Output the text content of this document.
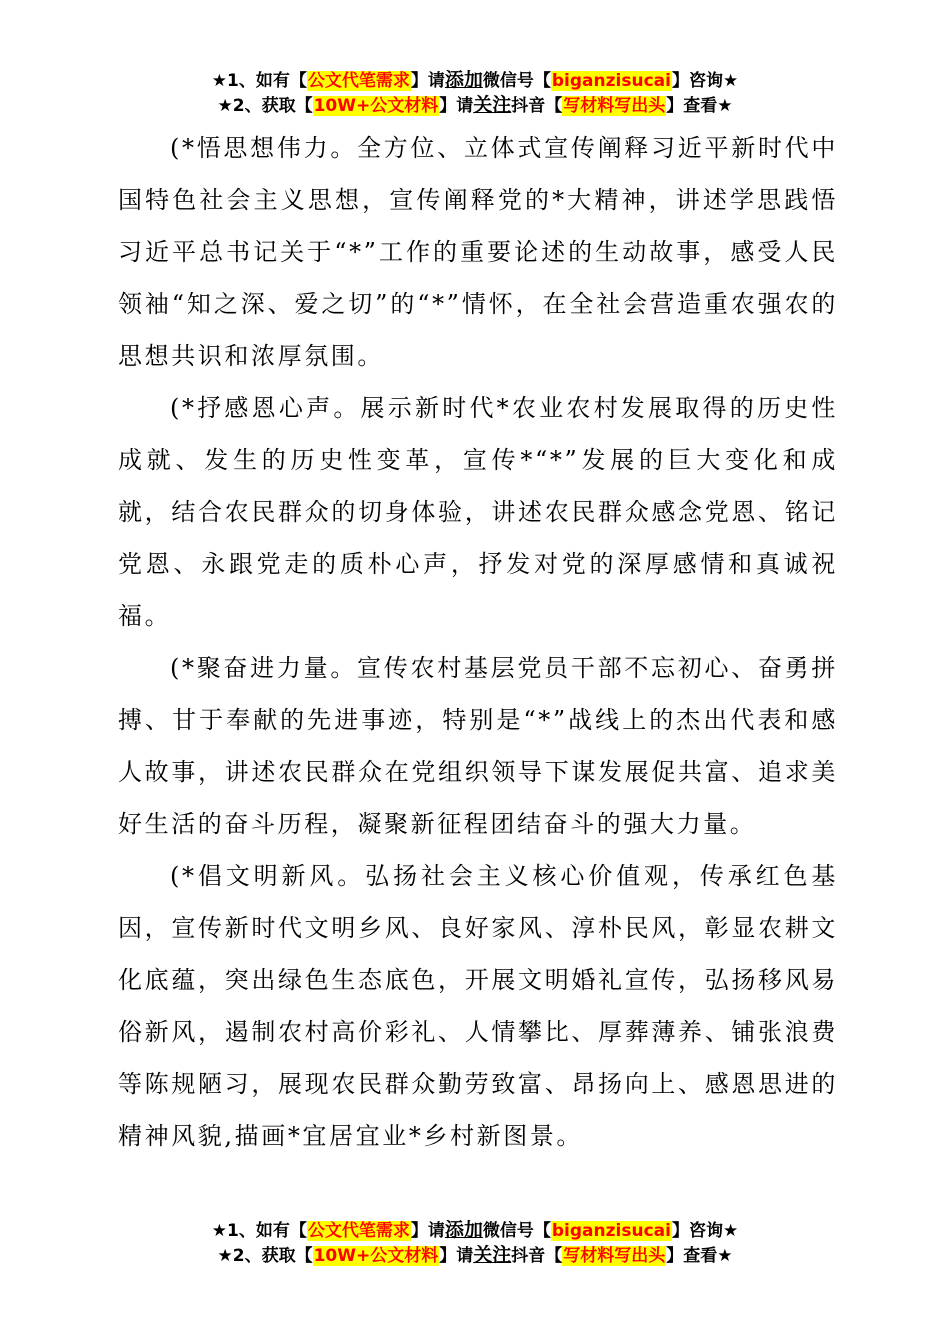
★1、如有【公文代笔需求】请添加微信号【biganzisucai】咨询★
★2、获取【10W+公文材料】请关注抖音【写材料写出头】查看★

(*悟思想伟力。全方位、立体式宣传阐释习近平新时代中国特色社会主义思想，宣传阐释党的*大精神，讲述学思践悟习近平总书记关于“*”工作的重要论述的生动故事，感受人民领袖“知之深、爱之切”的“*”情怀，在全社会营造重农强农的思想共识和浓厚氛围。

(*抒感恩心声。展示新时代*农业农村发展取得的历史性成就、发生的历史性变革，宣传*“*”发展的巨大变化和成就，结合农民群众的切身体验，讲述农民群众感念党恩、铭记党恩、永跟党走的质朴心声，抒发对党的深厚感情和真诚祝福。

(*聚奋进力量。宣传农村基层党员干部不忘初心、奋勇拼搏、甘于奉献的先进事迹，特别是“*”战线上的杰出代表和感人故事，讲述农民群众在党组织领导下谋发展促共富、追求美好生活的奋斗历程，凝聚新征程团结奋斗的强大力量。

(*倡文明新风。弘扬社会主义核心价值观，传承红色基因，宣传新时代文明乡风、良好家风、淳朴民风，彰显农耕文化底蕴，突出绿色生态底色，开展文明婚礼宣传，弘扬移风易俗新风，遏制农村高价彩礼、人情攀比、厚葬薄养、铺张浪费等陈规陋习，展现农民群众勤劳致富、昂扬向上、感恩思进的精神风貌,描画*宜居宜业*乡村新图景。

★1、如有【公文代笔需求】请添加微信号【biganzisucai】咨询★
★2、获取【10W+公文材料】请关注抖音【写材料写出头】查看★
